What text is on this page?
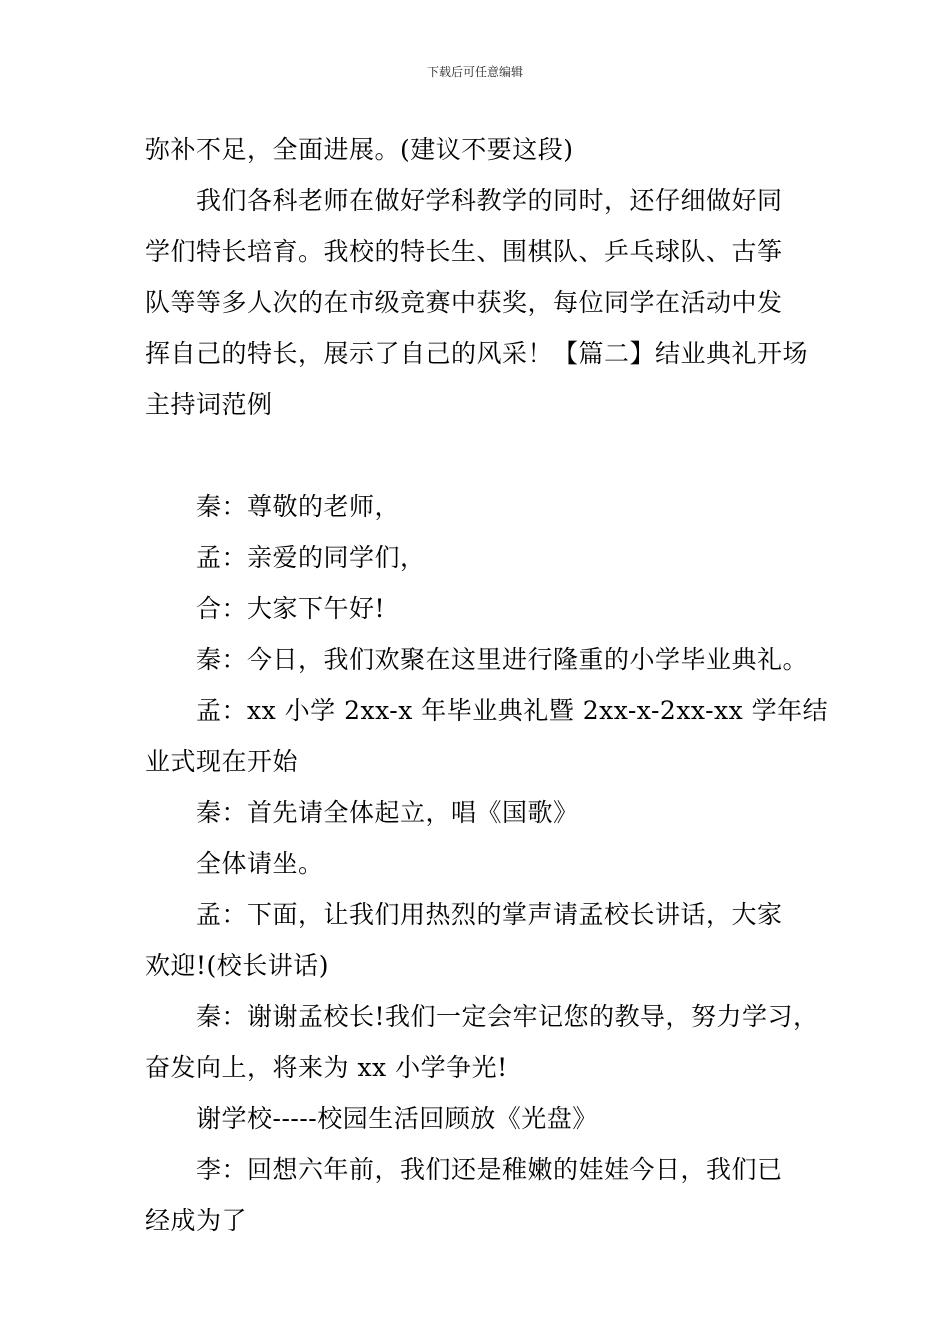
下载后可任意编辑
弥补不足，全面进展。(建议不要这段)
我们各科老师在做好学科教学的同时，还仔细做好同
学们特长培育。我校的特长生、围棋队、乒乓球队、古筝
队等等多人次的在市级竞赛中获奖，每位同学在活动中发
挥自己的特长，展示了自己的风采！【篇二】结业典礼开场
主持词范例
秦：尊敬的老师，
孟：亲爱的同学们，
合：大家下午好!
秦：今日，我们欢聚在这里进行隆重的小学毕业典礼。
孟：xx 小学 2xx-x 年毕业典礼暨 2xx-x-2xx-xx 学年结
业式现在开始
秦：首先请全体起立，唱《国歌》
全体请坐。
孟：下面，让我们用热烈的掌声请孟校长讲话，大家
欢迎!(校长讲话)
秦：谢谢孟校长!我们一定会牢记您的教导，努力学习，
奋发向上，将来为 xx 小学争光!
谢学校-----校园生活回顾放《光盘》
李：回想六年前，我们还是稚嫩的娃娃今日，我们已
经成为了
